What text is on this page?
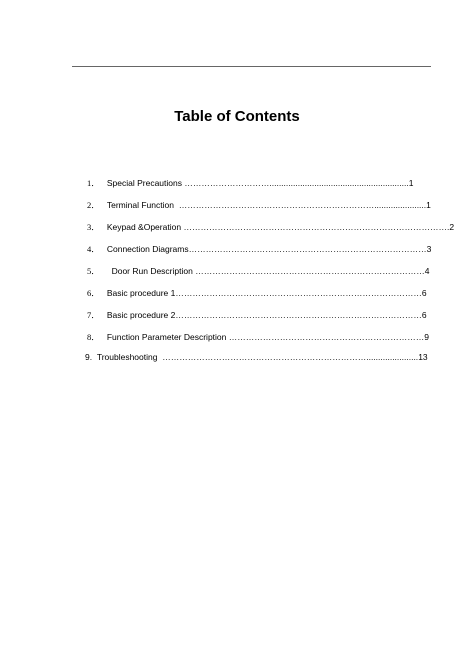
Table of Contents
1． Special Precautions …………………………...........................................................1
2． Terminal Function ……………………………………………………………......................1
3． Keypad &Operation ………………………………………………………………………………….2
4． Connection Diagrams…………………………………………………………………………3
5．     Door Run Description ………………………………………………………………………4
6． Basic procedure 1……………………………………………………………………………6
7． Basic procedure 2……………………………………………………………………………6
8． Function Parameter Description ……………………………………………………………9
9. Troubleshooting ………………………………………………………………......................13
